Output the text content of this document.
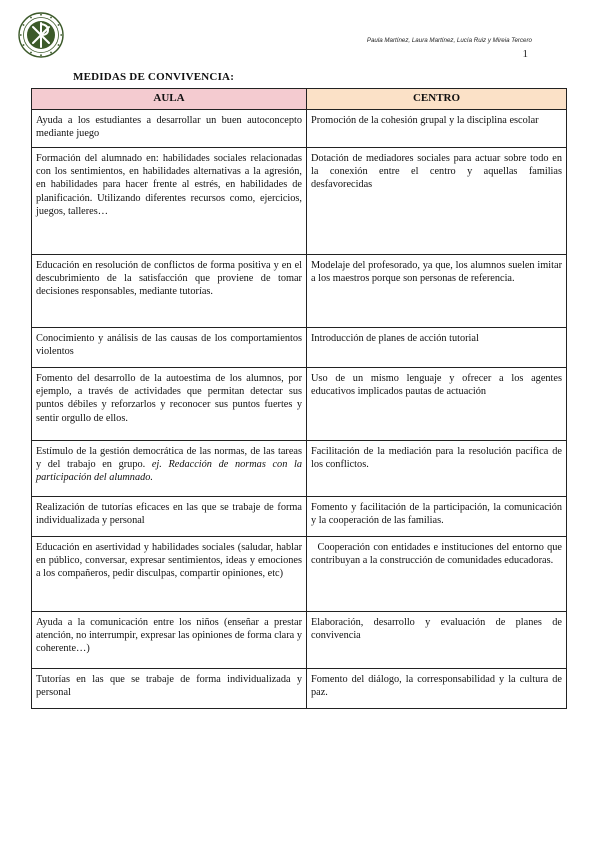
Paula Martínez, Laura Martínez, Lucía Ruiz y Mireia Tercero
1
MEDIDAS DE CONVIVENCIA:
AULA	CENTRO
Ayuda a los estudiantes a desarrollar un buen autoconcepto mediante juego	Promoción de la cohesión grupal y la disciplina escolar
Formación del alumnado en: habilidades sociales relacionadas con los sentimientos, en habilidades alternativas a la agresión, en habilidades para hacer frente al estrés, en habilidades de planificación. Utilizando diferentes recursos como, ejercicios, juegos, talleres…	Dotación de mediadores sociales para actuar sobre todo en la conexión entre el centro y aquellas familias desfavorecidas
Educación en resolución de conflictos de forma positiva y en el descubrimiento de la satisfacción que proviene de tomar decisiones responsables, mediante tutorías.	Modelaje del profesorado, ya que, los alumnos suelen imitar a los maestros porque son personas de referencia.
Conocimiento y análisis de las causas de los comportamientos violentos	Introducción de planes de acción tutorial
Fomento del desarrollo de la autoestima de los alumnos, por ejemplo, a través de actividades que permitan detectar sus puntos débiles y reforzarlos y reconocer sus puntos fuertes y sentir orgullo de ellos.	Uso de un mismo lenguaje y ofrecer a los agentes educativos implicados pautas de actuación
Estímulo de la gestión democrática de las normas, de las tareas y del trabajo en grupo. ej. Redacción de normas con la participación del alumnado.	Facilitación de la mediación para la resolución pacífica de los conflictos.
Realización de tutorías eficaces en las que se trabaje de forma individualizada y personal	Fomento y facilitación de la participación, la comunicación y la cooperación de las familias.
Educación en asertividad y habilidades sociales (saludar, hablar en público, conversar, expresar sentimientos, ideas y emociones a los compañeros, pedir disculpas, compartir opiniones, etc)	Cooperación con entidades e instituciones del entorno que contribuyan a la construcción de comunidades educadoras.
Ayuda a la comunicación entre los niños (enseñar a prestar atención, no interrumpir, expresar las opiniones de forma clara y coherente…)	Elaboración, desarrollo y evaluación de planes de convivencia
Tutorías en las que se trabaje de forma individualizada y personal	Fomento del diálogo, la corresponsabilidad y la cultura de paz.
